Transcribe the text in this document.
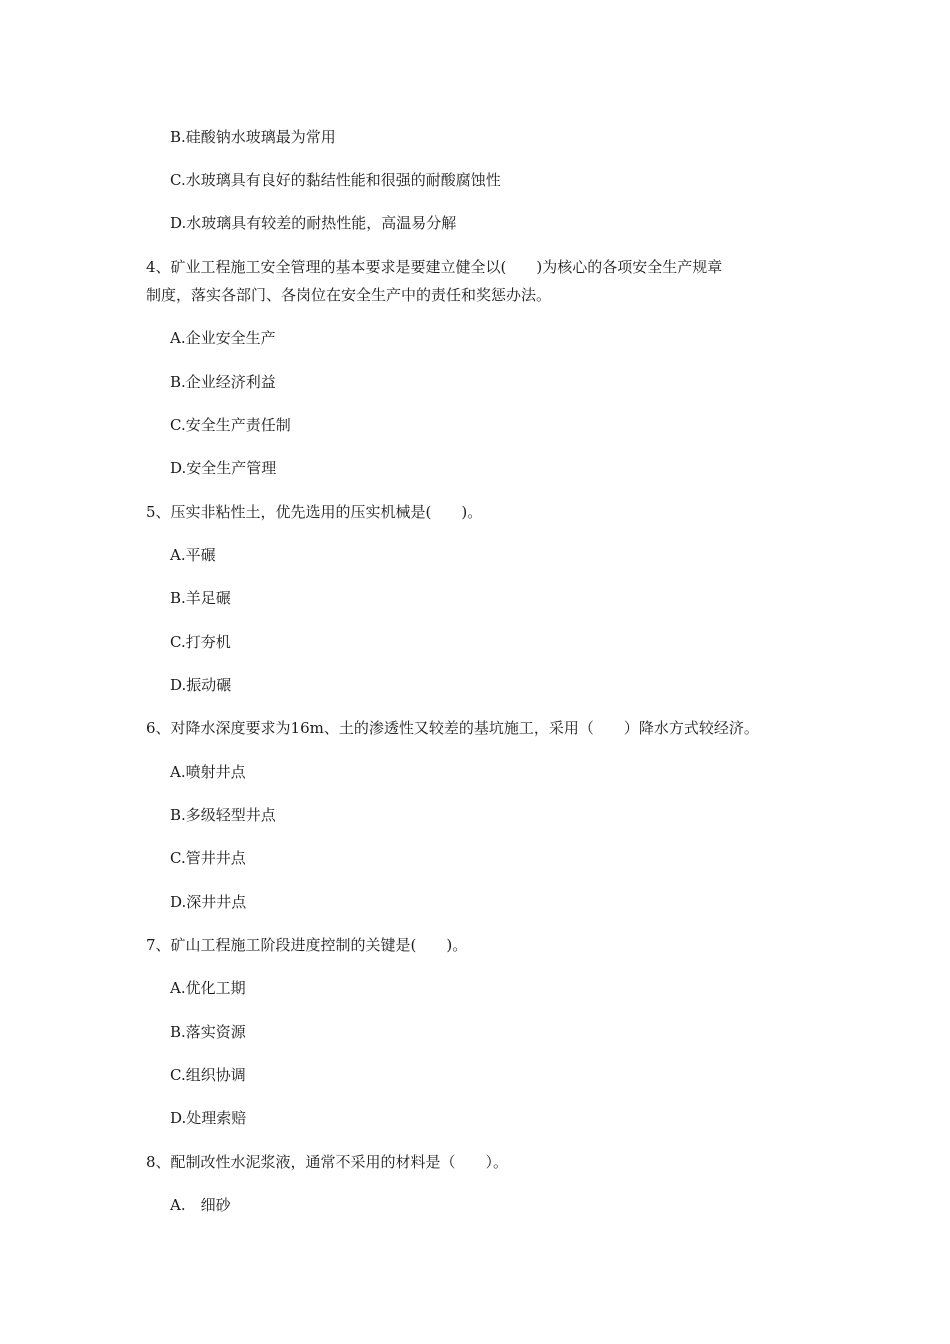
B.硅酸钠水玻璃最为常用
C.水玻璃具有良好的黏结性能和很强的耐酸腐蚀性
D.水玻璃具有较差的耐热性能，高温易分解
4、矿业工程施工安全管理的基本要求是要建立健全以(　　)为核心的各项安全生产规章
制度，落实各部门、各岗位在安全生产中的责任和奖惩办法。
A.企业安全生产
B.企业经济利益
C.安全生产责任制
D.安全生产管理
5、压实非粘性土，优先选用的压实机械是(　　)。
A.平碾
B.羊足碾
C.打夯机
D.振动碾
6、对降水深度要求为16m、土的渗透性又较差的基坑施工，采用（　　）降水方式较经济。
A.喷射井点
B.多级轻型井点
C.管井井点
D.深井井点
7、矿山工程施工阶段进度控制的关键是(　　)。
A.优化工期
B.落实资源
C.组织协调
D.处理索赔
8、配制改性水泥浆液，通常不采用的材料是（　　）。
A.　细砂
